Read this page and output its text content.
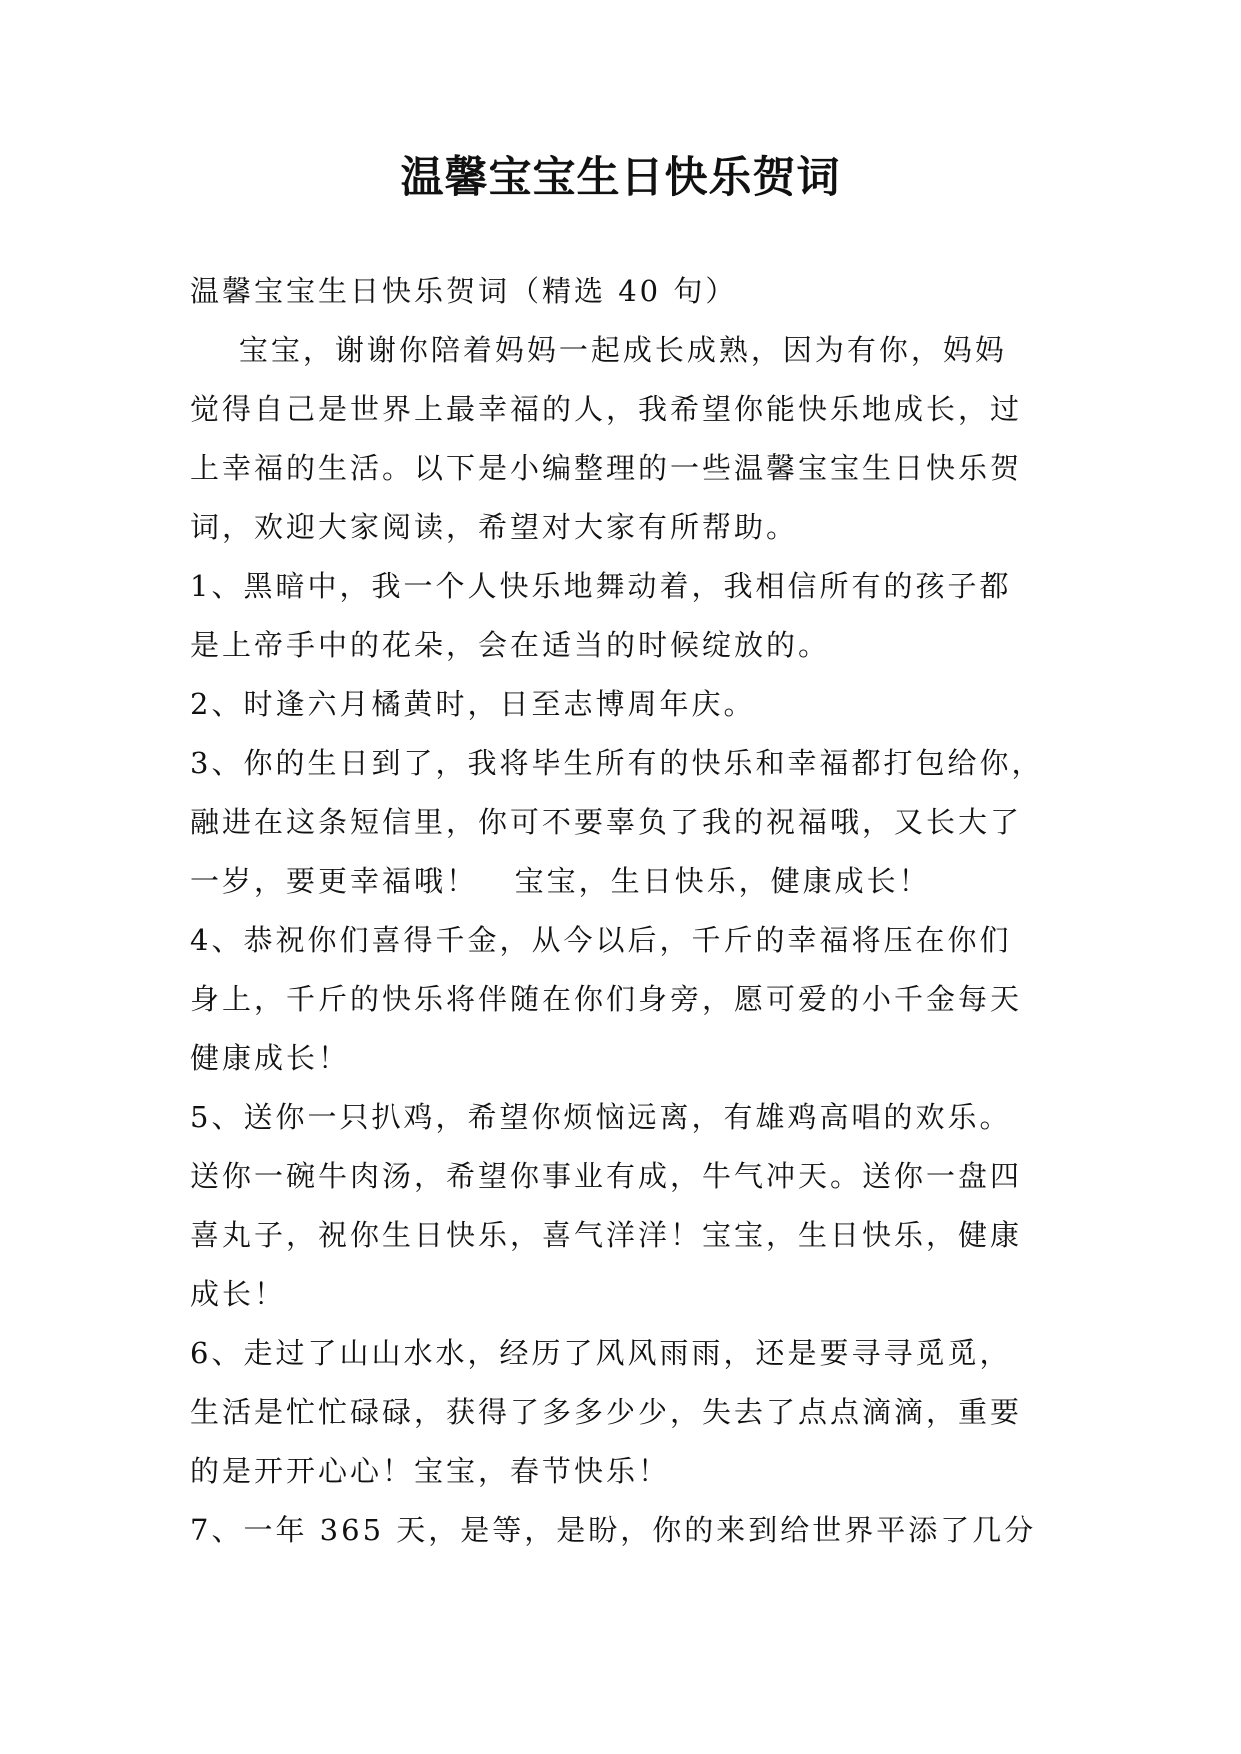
温馨宝宝生日快乐贺词
温馨宝宝生日快乐贺词（精选 40 句）
宝宝，谢谢你陪着妈妈一起成长成熟，因为有你，妈妈
觉得自己是世界上最幸福的人，我希望你能快乐地成长，过
上幸福的生活。以下是小编整理的一些温馨宝宝生日快乐贺
词，欢迎大家阅读，希望对大家有所帮助。
1、黑暗中，我一个人快乐地舞动着，我相信所有的孩子都
是上帝手中的花朵，会在适当的时候绽放的。
2、时逢六月橘黄时，日至志博周年庆。
3、你的生日到了，我将毕生所有的快乐和幸福都打包给你，
融进在这条短信里，你可不要辜负了我的祝福哦，又长大了
一岁，要更幸福哦！   宝宝，生日快乐，健康成长！
4、恭祝你们喜得千金，从今以后，千斤的幸福将压在你们
身上，千斤的快乐将伴随在你们身旁，愿可爱的小千金每天
健康成长！
5、送你一只扒鸡，希望你烦恼远离，有雄鸡高唱的欢乐。
送你一碗牛肉汤，希望你事业有成，牛气冲天。送你一盘四
喜丸子，祝你生日快乐，喜气洋洋！宝宝，生日快乐，健康
成长！
6、走过了山山水水，经历了风风雨雨，还是要寻寻觅觅，
生活是忙忙碌碌，获得了多多少少，失去了点点滴滴，重要
的是开开心心！宝宝，春节快乐！
7、一年 365 天，是等，是盼，你的来到给世界平添了几分
